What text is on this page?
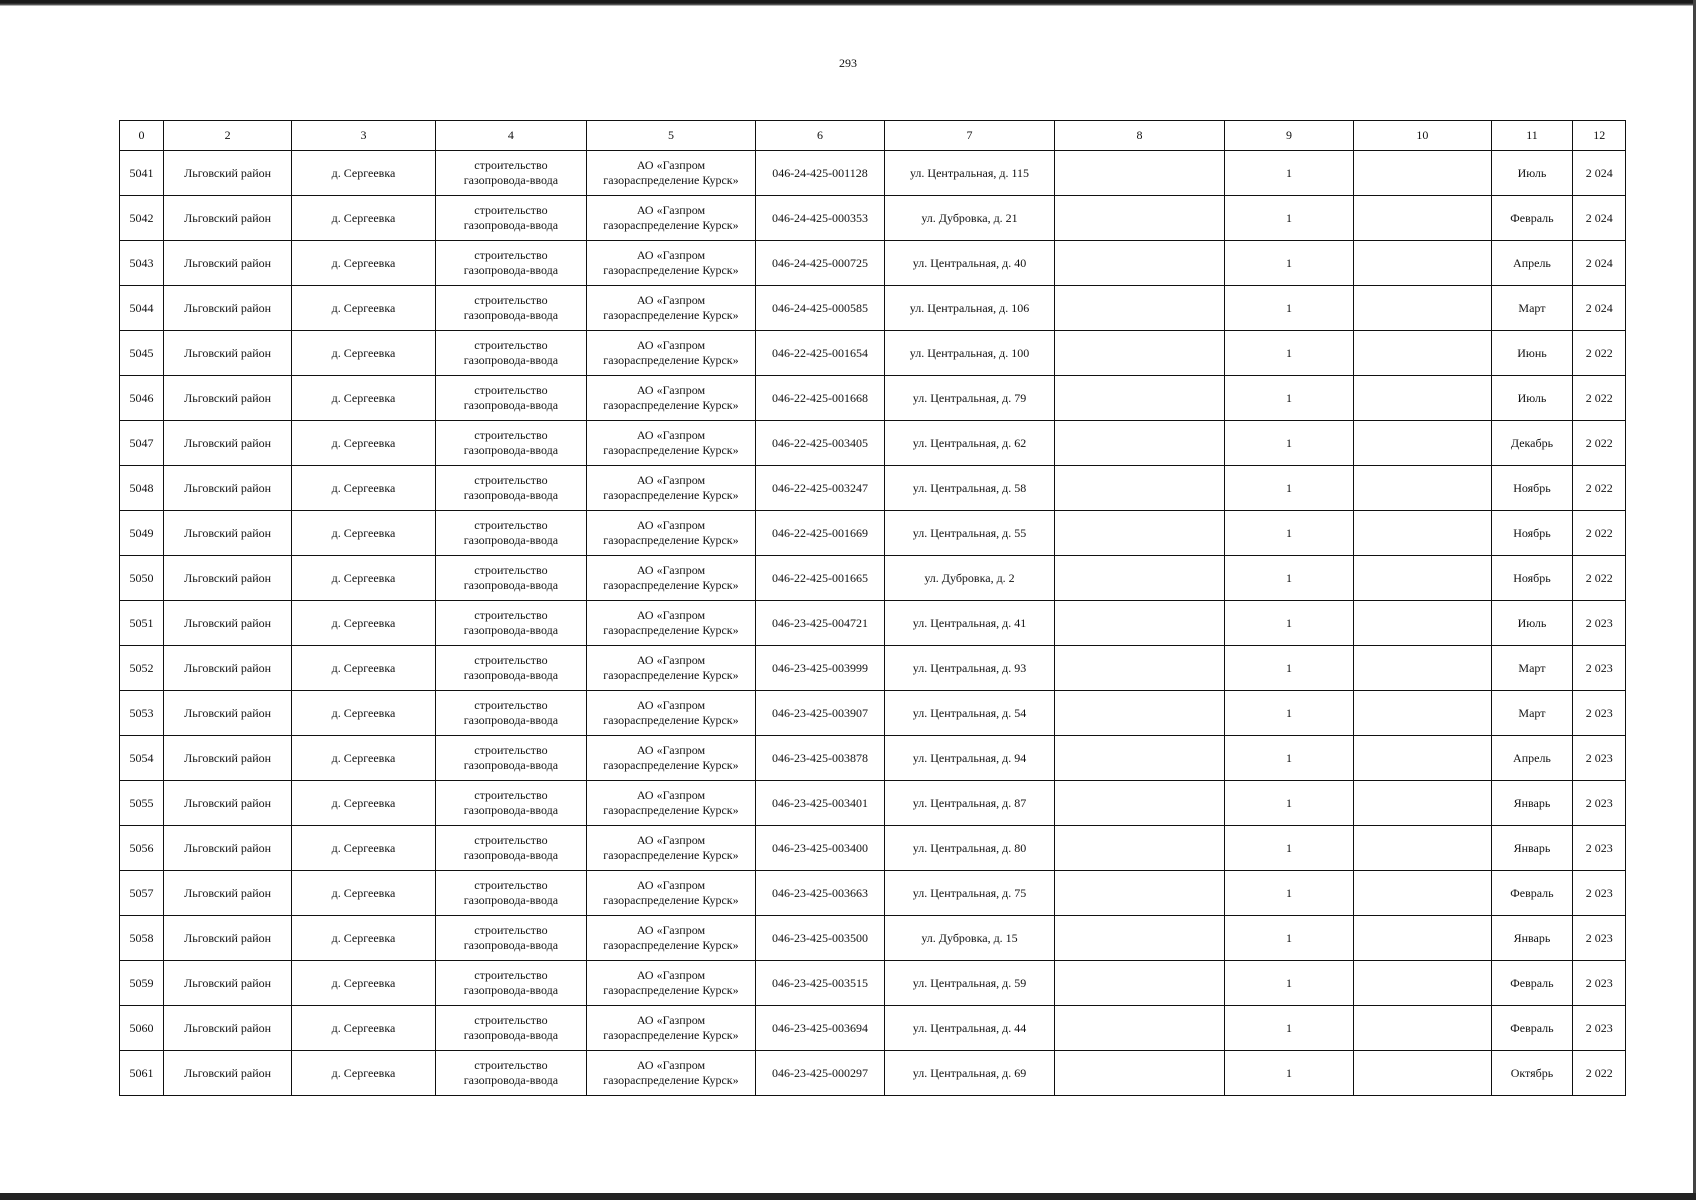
293
0	2	3	4	5	6	7	8	9	10	11	12
5041	Льговский район	д. Сергеевка	строительство
газопровода-ввода	АО «Газпром
газораспределение Курск»	046-24-425-001128	ул. Центральная, д. 115		1		Июль	2 024
5042	Льговский район	д. Сергеевка	строительство
газопровода-ввода	АО «Газпром
газораспределение Курск»	046-24-425-000353	ул. Дубровка, д. 21		1		Февраль	2 024
5043	Льговский район	д. Сергеевка	строительство
газопровода-ввода	АО «Газпром
газораспределение Курск»	046-24-425-000725	ул. Центральная, д. 40		1		Апрель	2 024
5044	Льговский район	д. Сергеевка	строительство
газопровода-ввода	АО «Газпром
газораспределение Курск»	046-24-425-000585	ул. Центральная, д. 106		1		Март	2 024
5045	Льговский район	д. Сергеевка	строительство
газопровода-ввода	АО «Газпром
газораспределение Курск»	046-22-425-001654	ул. Центральная, д. 100		1		Июнь	2 022
5046	Льговский район	д. Сергеевка	строительство
газопровода-ввода	АО «Газпром
газораспределение Курск»	046-22-425-001668	ул. Центральная, д. 79		1		Июль	2 022
5047	Льговский район	д. Сергеевка	строительство
газопровода-ввода	АО «Газпром
газораспределение Курск»	046-22-425-003405	ул. Центральная, д. 62		1		Декабрь	2 022
5048	Льговский район	д. Сергеевка	строительство
газопровода-ввода	АО «Газпром
газораспределение Курск»	046-22-425-003247	ул. Центральная, д. 58		1		Ноябрь	2 022
5049	Льговский район	д. Сергеевка	строительство
газопровода-ввода	АО «Газпром
газораспределение Курск»	046-22-425-001669	ул. Центральная, д. 55		1		Ноябрь	2 022
5050	Льговский район	д. Сергеевка	строительство
газопровода-ввода	АО «Газпром
газораспределение Курск»	046-22-425-001665	ул. Дубровка, д. 2		1		Ноябрь	2 022
5051	Льговский район	д. Сергеевка	строительство
газопровода-ввода	АО «Газпром
газораспределение Курск»	046-23-425-004721	ул. Центральная, д. 41		1		Июль	2 023
5052	Льговский район	д. Сергеевка	строительство
газопровода-ввода	АО «Газпром
газораспределение Курск»	046-23-425-003999	ул. Центральная, д. 93		1		Март	2 023
5053	Льговский район	д. Сергеевка	строительство
газопровода-ввода	АО «Газпром
газораспределение Курск»	046-23-425-003907	ул. Центральная, д. 54		1		Март	2 023
5054	Льговский район	д. Сергеевка	строительство
газопровода-ввода	АО «Газпром
газораспределение Курск»	046-23-425-003878	ул. Центральная, д. 94		1		Апрель	2 023
5055	Льговский район	д. Сергеевка	строительство
газопровода-ввода	АО «Газпром
газораспределение Курск»	046-23-425-003401	ул. Центральная, д. 87		1		Январь	2 023
5056	Льговский район	д. Сергеевка	строительство
газопровода-ввода	АО «Газпром
газораспределение Курск»	046-23-425-003400	ул. Центральная, д. 80		1		Январь	2 023
5057	Льговский район	д. Сергеевка	строительство
газопровода-ввода	АО «Газпром
газораспределение Курск»	046-23-425-003663	ул. Центральная, д. 75		1		Февраль	2 023
5058	Льговский район	д. Сергеевка	строительство
газопровода-ввода	АО «Газпром
газораспределение Курск»	046-23-425-003500	ул. Дубровка, д. 15		1		Январь	2 023
5059	Льговский район	д. Сергеевка	строительство
газопровода-ввода	АО «Газпром
газораспределение Курск»	046-23-425-003515	ул. Центральная, д. 59		1		Февраль	2 023
5060	Льговский район	д. Сергеевка	строительство
газопровода-ввода	АО «Газпром
газораспределение Курск»	046-23-425-003694	ул. Центральная, д. 44		1		Февраль	2 023
5061	Льговский район	д. Сергеевка	строительство
газопровода-ввода	АО «Газпром
газораспределение Курск»	046-23-425-000297	ул. Центральная, д. 69		1		Октябрь	2 022
